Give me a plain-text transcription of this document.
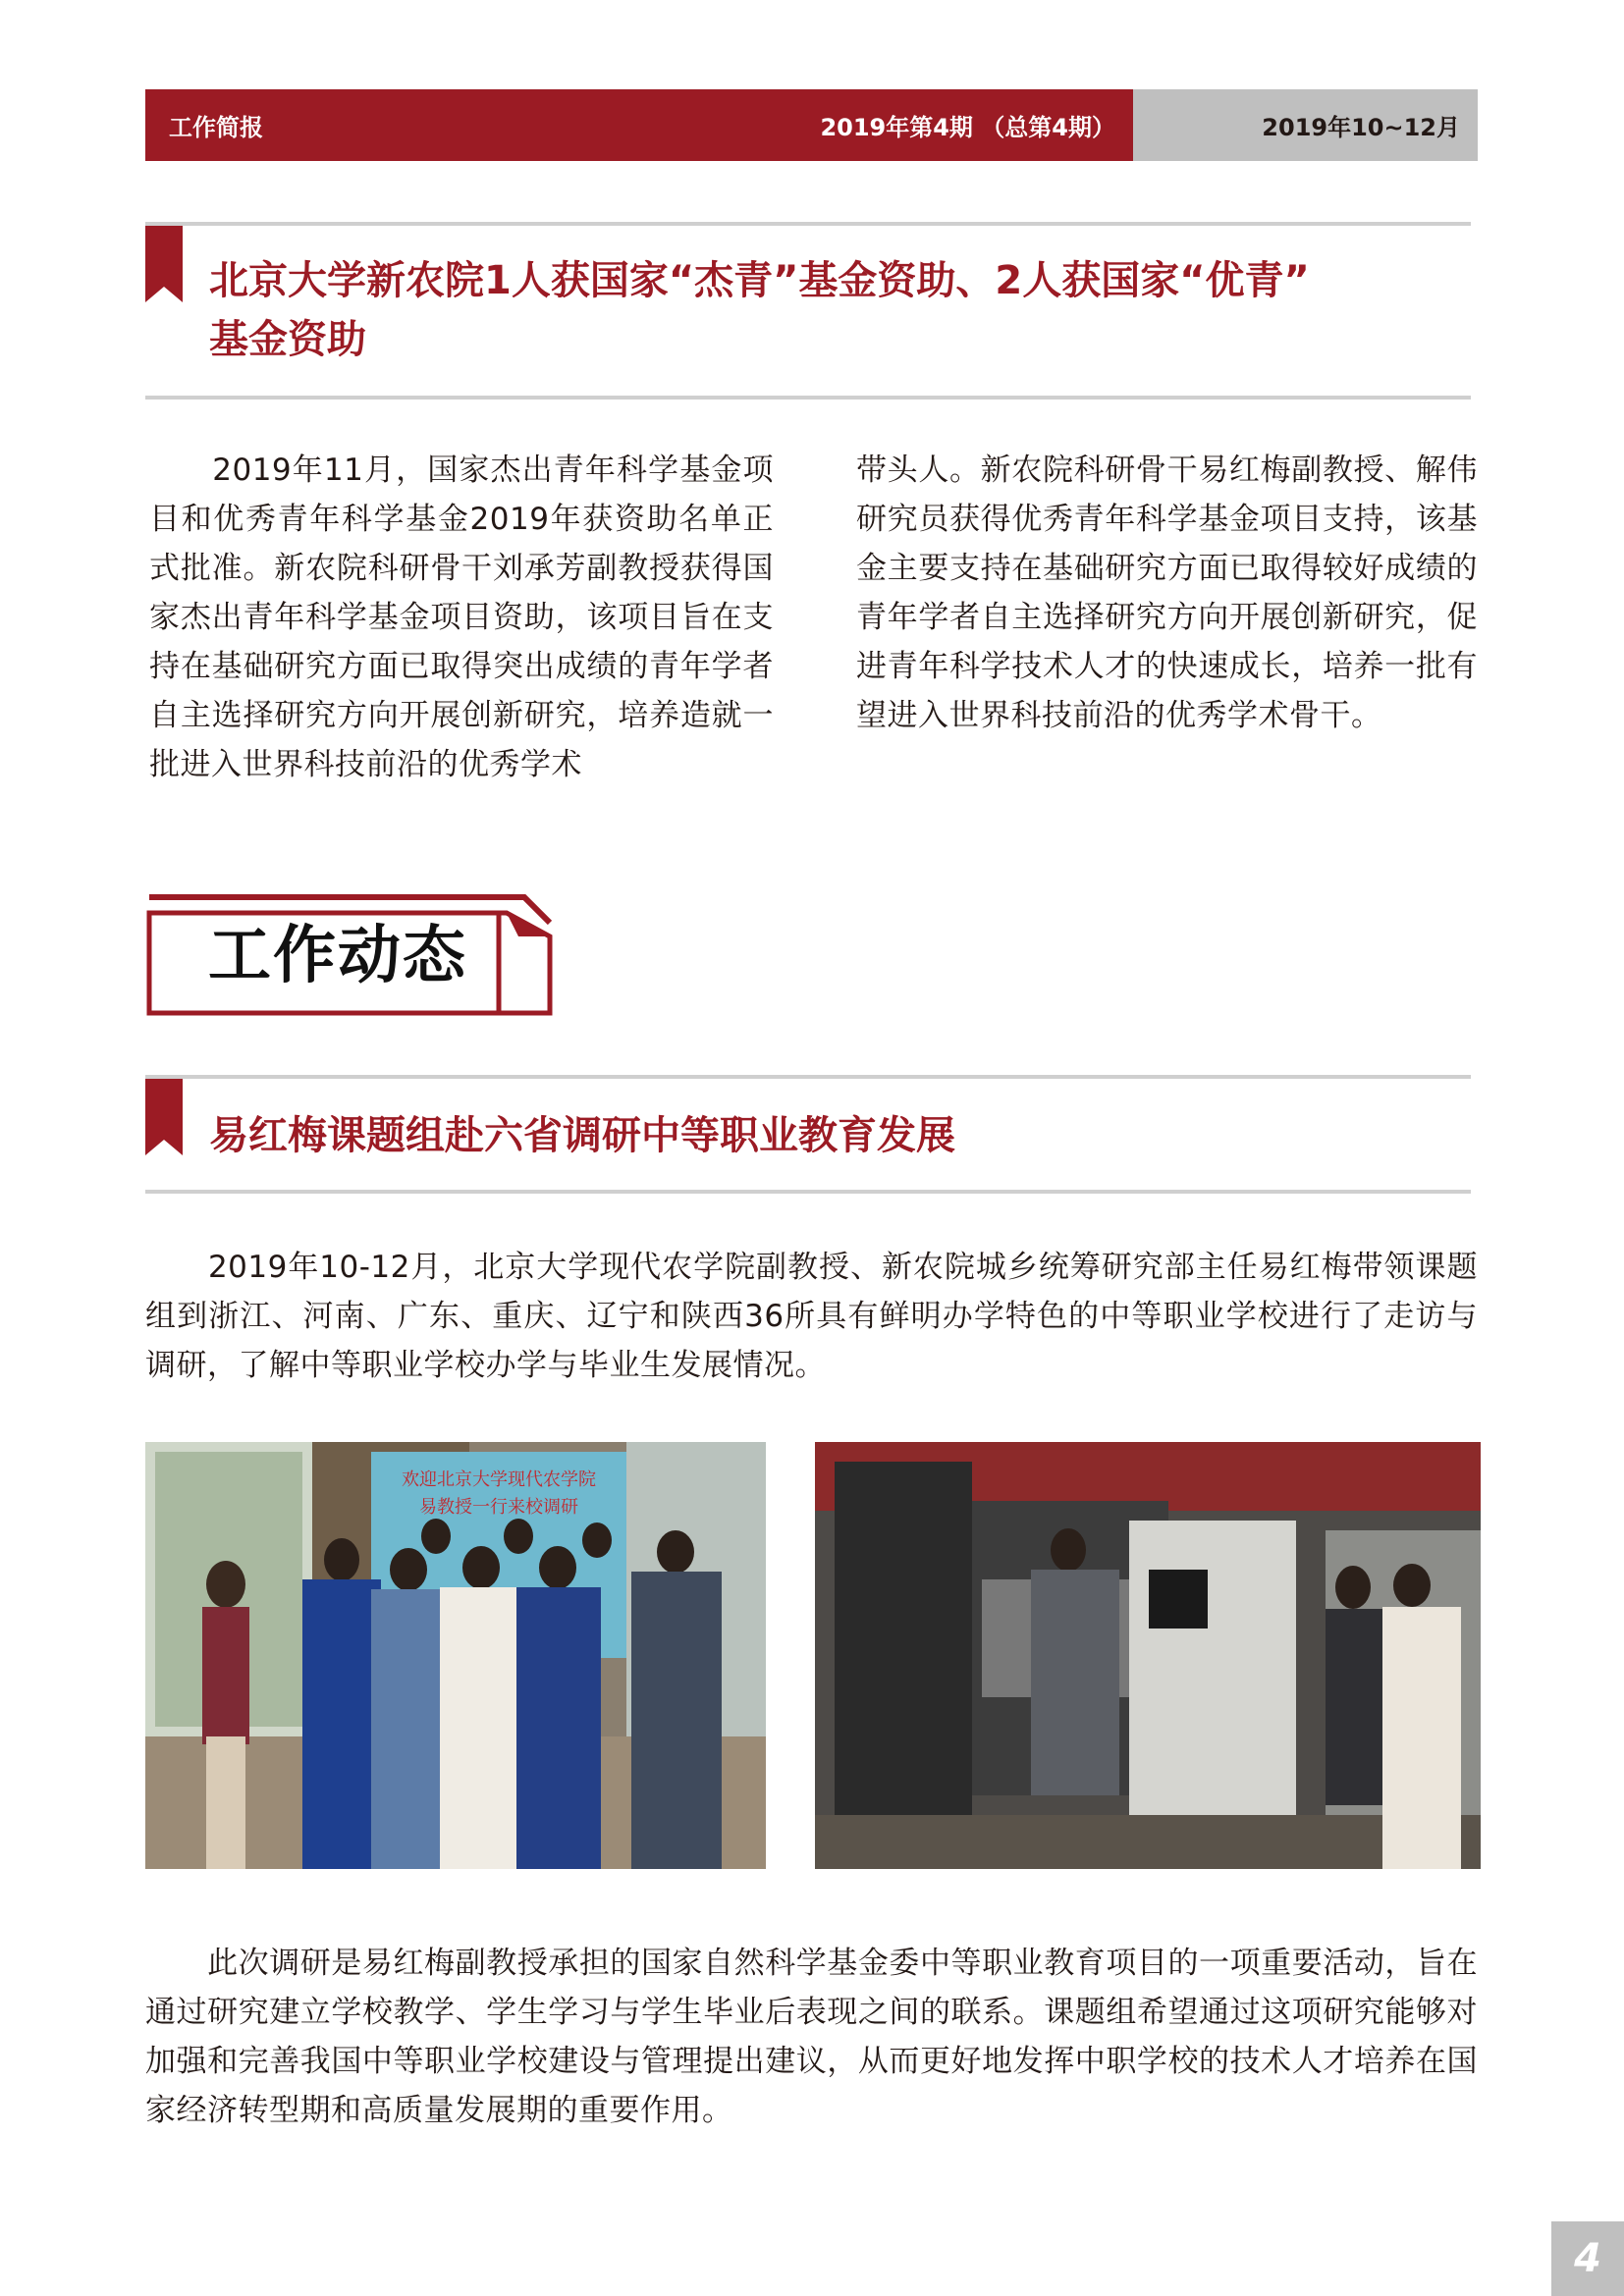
工作简报	2019年第4期 （总第4期）	2019年10~12月
北京大学新农院1人获国家“杰青”基金资助、2人获国家“优青”
基金资助

　　2019年11月，国家杰出青年科学基金项目和优秀青年科学基金2019年获资助名单正式批准。新农院科研骨干刘承芳副教授获得国家杰出青年科学基金项目资助，该项目旨在支持在基础研究方面已取得突出成绩的青年学者自主选择研究方向开展创新研究，培养造就一批进入世界科技前沿的优秀学术

带头人。新农院科研骨干易红梅副教授、解伟研究员获得优秀青年科学基金项目支持，该基金主要支持在基础研究方面已取得较好成绩的青年学者自主选择研究方向开展创新研究，促进青年科学技术人才的快速成长，培养一批有望进入世界科技前沿的优秀学术骨干。

工作动态
易红梅课题组赴六省调研中等职业教育发展

　　2019年10-12月，北京大学现代农学院副教授、新农院城乡统筹研究部主任易红梅带领课题组到浙江、河南、广东、重庆、辽宁和陕西36所具有鲜明办学特色的中等职业学校进行了走访与调研，了解中等职业学校办学与毕业生发展情况。

欢迎北京大学现代农学院
易教授一行来校调研

　　此次调研是易红梅副教授承担的国家自然科学基金委中等职业教育项目的一项重要活动，旨在通过研究建立学校教学、学生学习与学生毕业后表现之间的联系。课题组希望通过这项研究能够对加强和完善我国中等职业学校建设与管理提出建议，从而更好地发挥中职学校的技术人才培养在国家经济转型期和高质量发展期的重要作用。

4
